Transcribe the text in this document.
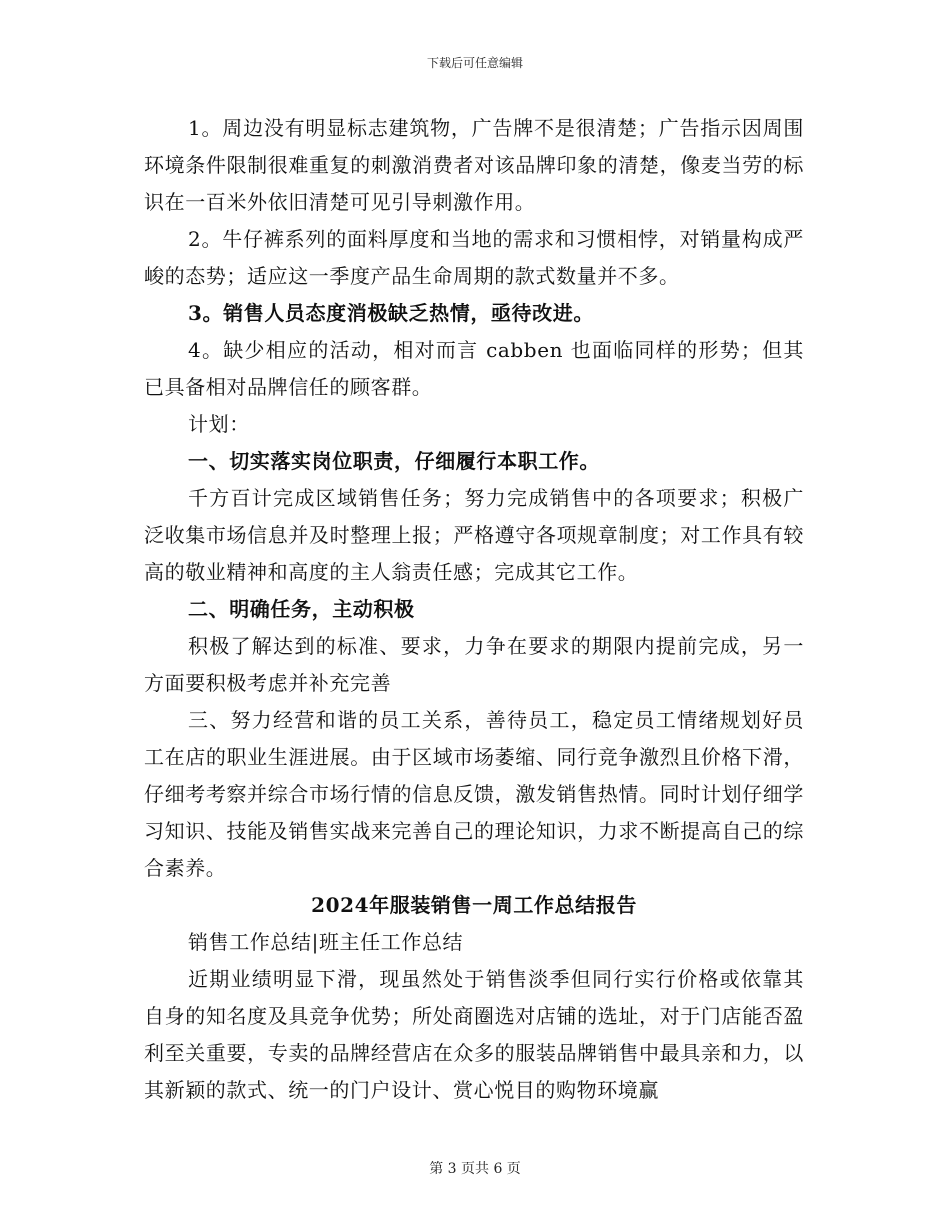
下载后可任意编辑

1。周边没有明显标志建筑物，广告牌不是很清楚；广告指示因周围环境条件限制很难重复的刺激消费者对该品牌印象的清楚，像麦当劳的标识在一百米外依旧清楚可见引导刺激作用。

2。牛仔裤系列的面料厚度和当地的需求和习惯相悖，对销量构成严峻的态势；适应这一季度产品生命周期的款式数量并不多。

3。销售人员态度消极缺乏热情，亟待改进。

4。缺少相应的活动，相对而言 cabben 也面临同样的形势；但其已具备相对品牌信任的顾客群。

计划：

一、切实落实岗位职责，仔细履行本职工作。

千方百计完成区域销售任务；努力完成销售中的各项要求；积极广泛收集市场信息并及时整理上报；严格遵守各项规章制度；对工作具有较高的敬业精神和高度的主人翁责任感；完成其它工作。

二、明确任务，主动积极

积极了解达到的标准、要求，力争在要求的期限内提前完成，另一方面要积极考虑并补充完善

三、努力经营和谐的员工关系，善待员工，稳定员工情绪规划好员工在店的职业生涯进展。由于区域市场萎缩、同行竞争激烈且价格下滑，仔细考考察并综合市场行情的信息反馈，激发销售热情。同时计划仔细学习知识、技能及销售实战来完善自己的理论知识，力求不断提高自己的综合素养。

2024年服装销售一周工作总结报告

销售工作总结|班主任工作总结

近期业绩明显下滑，现虽然处于销售淡季但同行实行价格或依靠其自身的知名度及具竞争优势；所处商圈选对店铺的选址，对于门店能否盈利至关重要，专卖的品牌经营店在众多的服装品牌销售中最具亲和力，以其新颖的款式、统一的门户设计、赏心悦目的购物环境赢

第 3 页共 6 页
